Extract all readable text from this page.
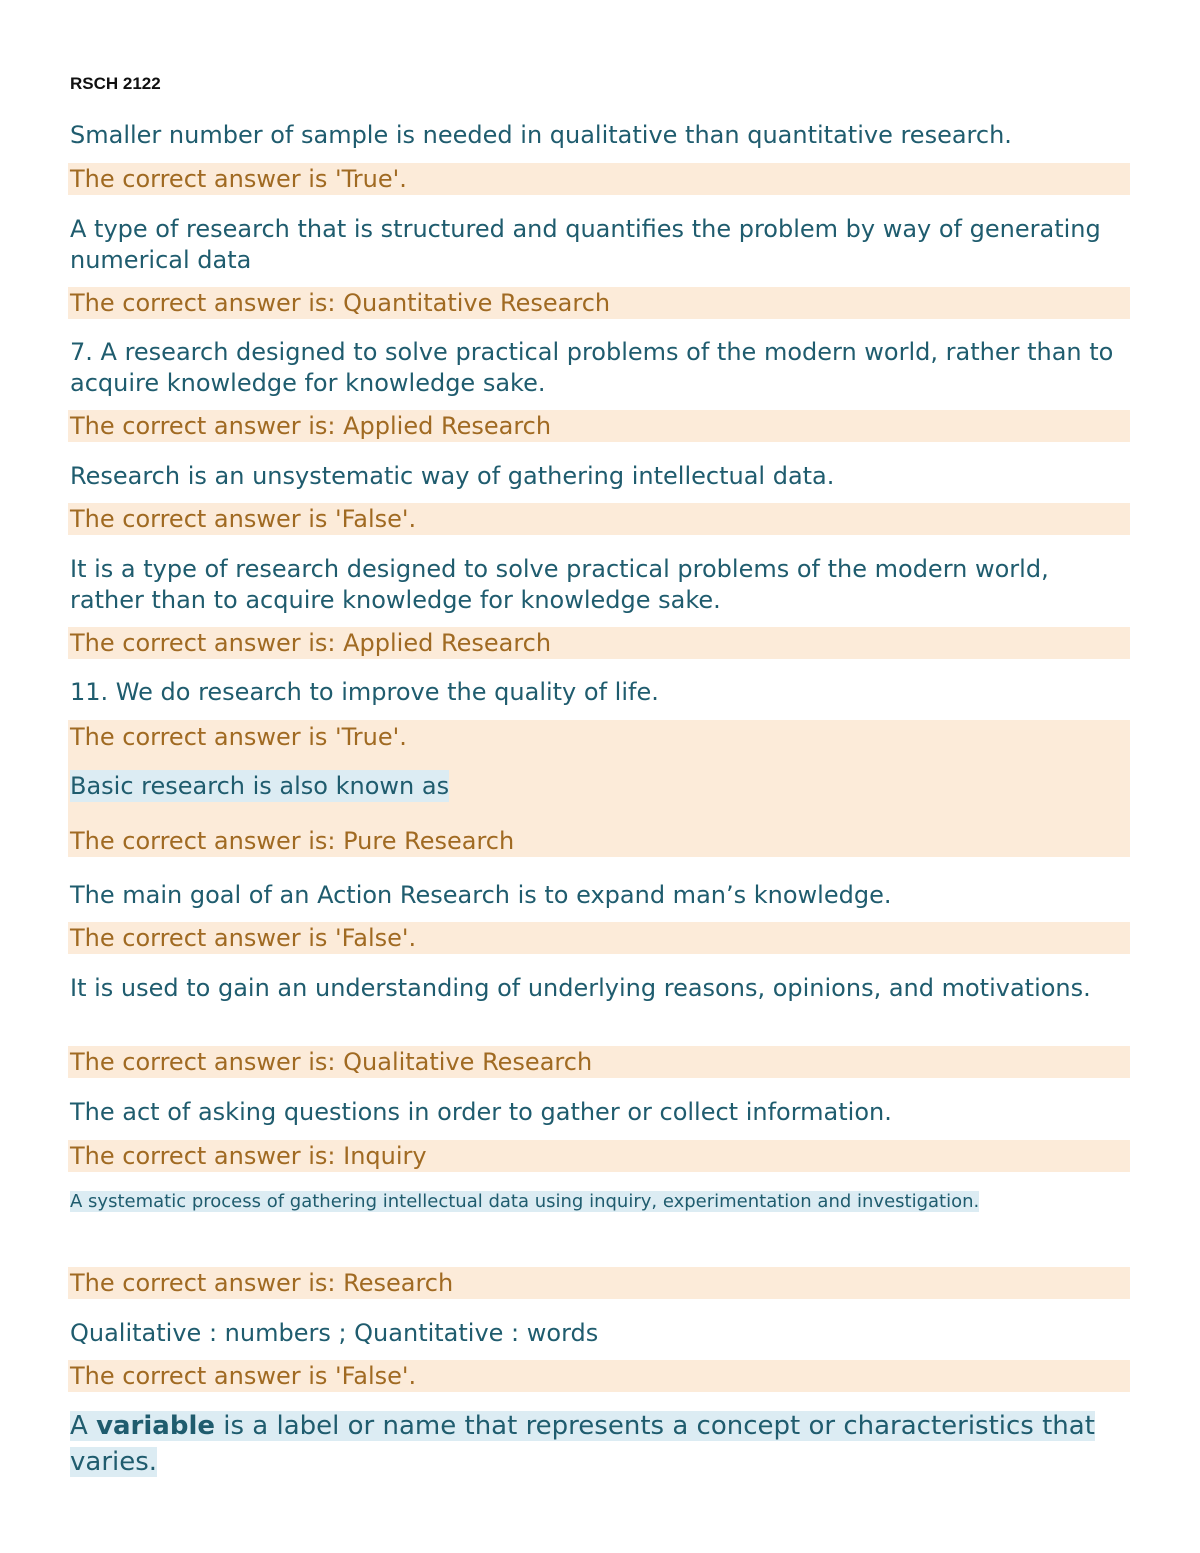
RSCH 2122
Smaller number of sample is needed in qualitative than quantitative research.
The correct answer is 'True'.
A type of research that is structured and quantifies the problem by way of generating numerical data
The correct answer is: Quantitative Research
7. A research designed to solve practical problems of the modern world, rather than to acquire knowledge for knowledge sake.
The correct answer is: Applied Research
Research is an unsystematic way of gathering intellectual data.
The correct answer is 'False'.
It is a type of research designed to solve practical problems of the modern world, rather than to acquire knowledge for knowledge sake.
The correct answer is: Applied Research
11. We do research to improve the quality of life.
The correct answer is 'True'.
Basic research is also known as
The correct answer is: Pure Research
The main goal of an Action Research is to expand man’s knowledge.
The correct answer is 'False'.
It is used to gain an understanding of underlying reasons, opinions, and motivations.
The correct answer is: Qualitative Research
The act of asking questions in order to gather or collect information.
The correct answer is: Inquiry
A systematic process of gathering intellectual data using inquiry, experimentation and investigation.
The correct answer is: Research
Qualitative : numbers ; Quantitative : words
The correct answer is 'False'.
A variable is a label or name that represents a concept or characteristics that varies.
